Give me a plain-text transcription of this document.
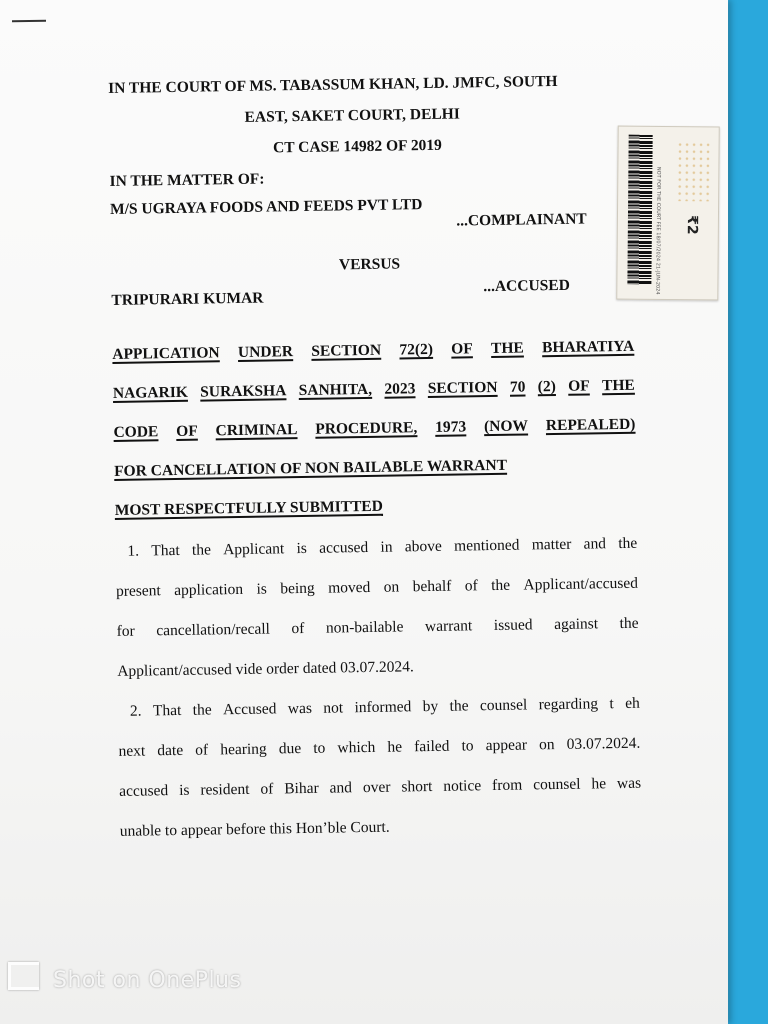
IN THE COURT OF MS. TABASSUM KHAN, LD. JMFC, SOUTH
EAST, SAKET COURT, DELHI
CT CASE 14982 OF 2019
IN THE MATTER OF:
M/S UGRAYA FOODS AND FEEDS PVT LTD
...COMPLAINANT
VERSUS
TRIPURARI KUMAR
...ACCUSED
APPLICATION UNDER SECTION 72(2) OF THE BHARATIYA
NAGARIK SURAKSHA SANHITA, 2023 SECTION 70 (2) OF THE
CODE OF CRIMINAL PROCEDURE, 1973 (NOW REPEALED)
FOR CANCELLATION OF NON BAILABLE WARRANT
MOST RESPECTFULLY SUBMITTED
1. That the Applicant is accused in above mentioned matter and the
present application is being moved on behalf of the Applicant/accused
for cancellation/recall of non-bailable warrant issued against the
Applicant/accused vide order dated 03.07.2024.
2. That the Accused was not informed by the counsel regarding t eh
next date of hearing due to which he failed to appear on 03.07.2024.
accused is resident of Bihar and over short notice from counsel he was
unable to appear before this Hon’ble Court.
NOT FOR THE COURT FEE 18/07/2024 21-JUN-2024 ₹2
Shot on OnePlus
